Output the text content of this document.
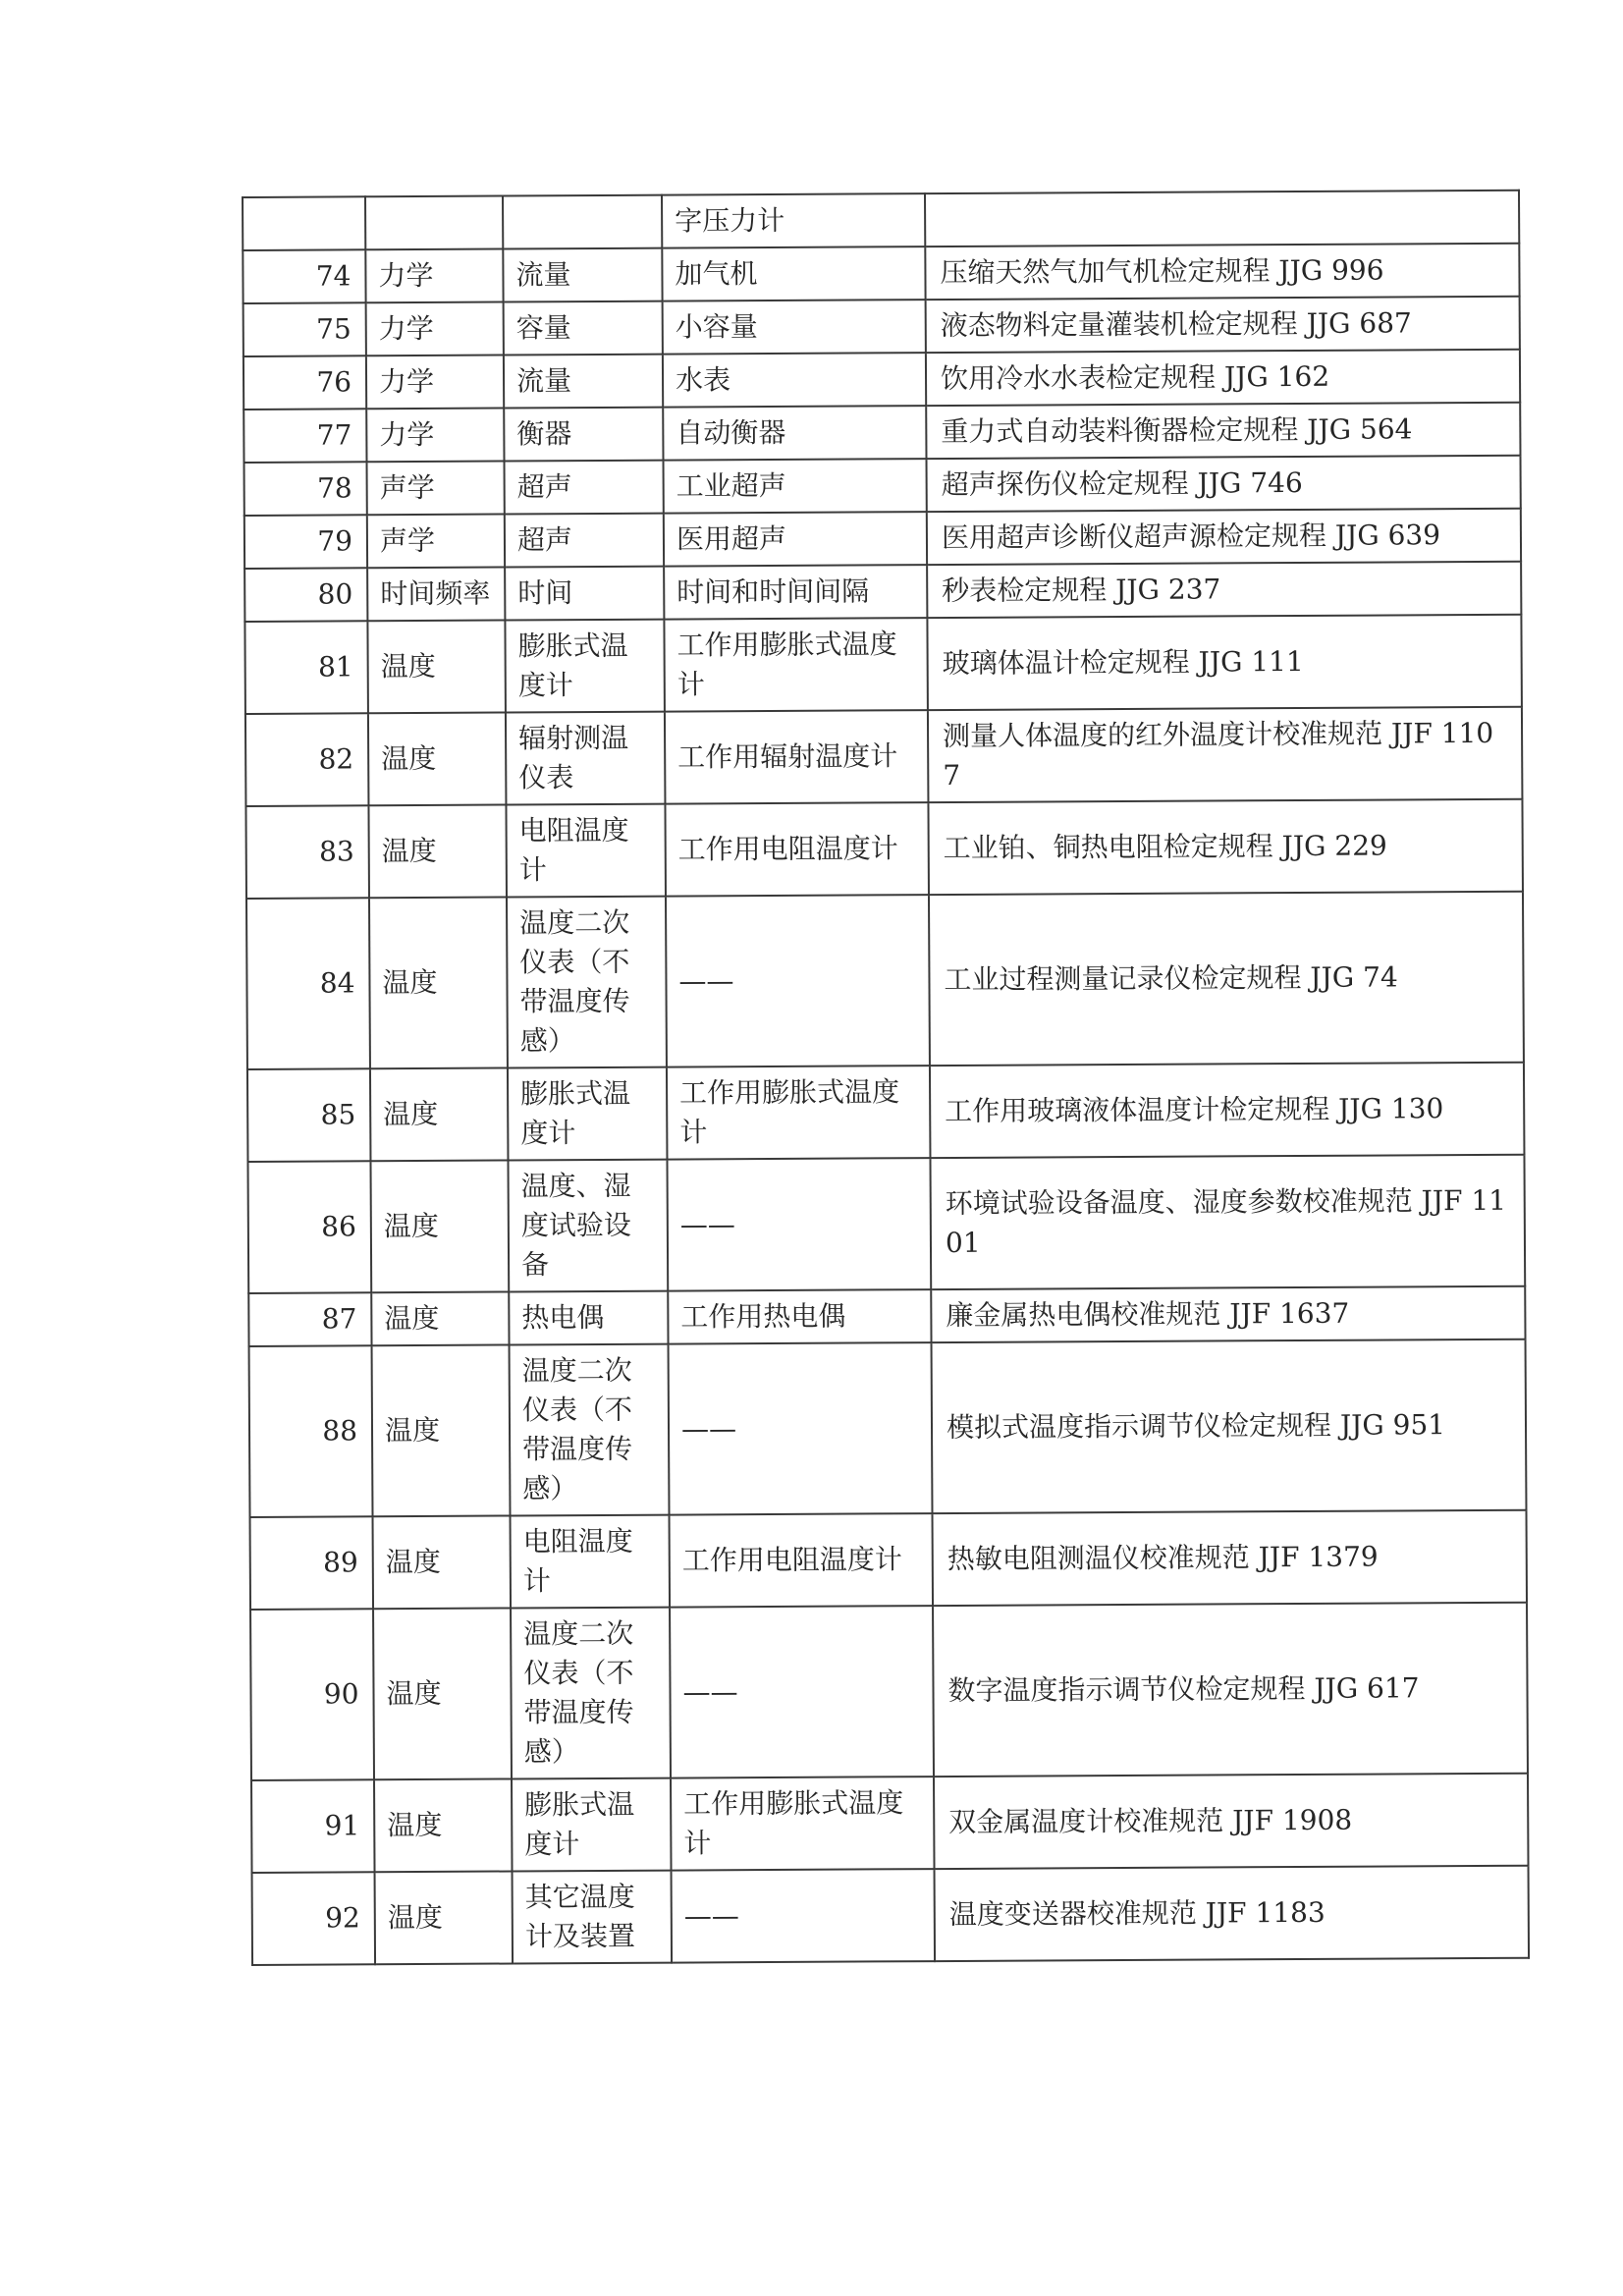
			字压力计	
74	力学	流量	加气机	压缩天然气加气机检定规程 JJG 996
75	力学	容量	小容量	液态物料定量灌装机检定规程 JJG 687
76	力学	流量	水表	饮用冷水水表检定规程 JJG 162
77	力学	衡器	自动衡器	重力式自动装料衡器检定规程 JJG 564
78	声学	超声	工业超声	超声探伤仪检定规程 JJG 746
79	声学	超声	医用超声	医用超声诊断仪超声源检定规程 JJG 639
80	时间频率	时间	时间和时间间隔	秒表检定规程 JJG 237
81	温度	膨胀式温度计	工作用膨胀式温度计	玻璃体温计检定规程 JJG 111
82	温度	辐射测温仪表	工作用辐射温度计	测量人体温度的红外温度计校准规范 JJF 1107
83	温度	电阻温度计	工作用电阻温度计	工业铂、铜热电阻检定规程 JJG 229
84	温度	温度二次仪表（不带温度传感）	——	工业过程测量记录仪检定规程 JJG 74
85	温度	膨胀式温度计	工作用膨胀式温度计	工作用玻璃液体温度计检定规程 JJG 130
86	温度	温度、湿度试验设备	——	环境试验设备温度、湿度参数校准规范 JJF 1101
87	温度	热电偶	工作用热电偶	廉金属热电偶校准规范 JJF 1637
88	温度	温度二次仪表（不带温度传感）	——	模拟式温度指示调节仪检定规程 JJG 951
89	温度	电阻温度计	工作用电阻温度计	热敏电阻测温仪校准规范 JJF 1379
90	温度	温度二次仪表（不带温度传感）	——	数字温度指示调节仪检定规程 JJG 617
91	温度	膨胀式温度计	工作用膨胀式温度计	双金属温度计校准规范 JJF 1908
92	温度	其它温度计及装置	——	温度变送器校准规范 JJF 1183
